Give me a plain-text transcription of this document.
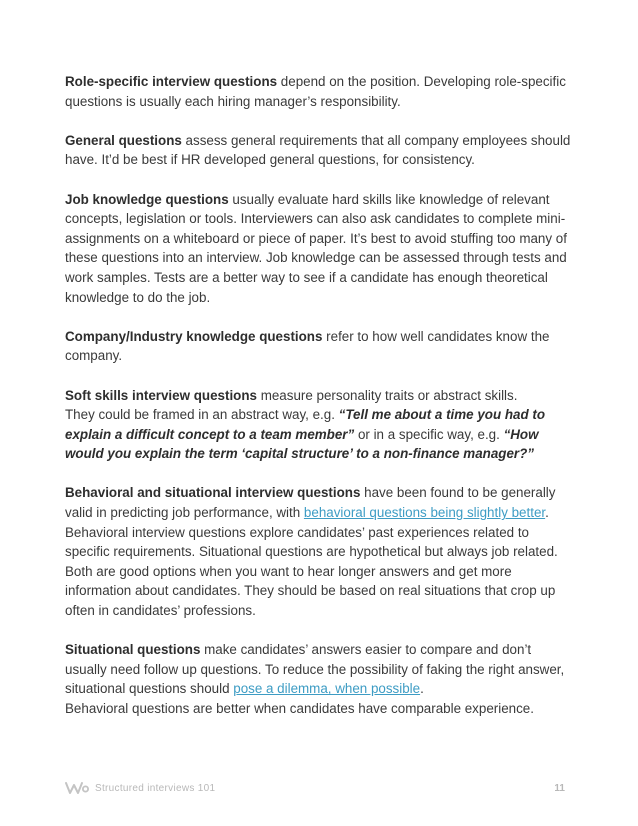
Role-specific interview questions depend on the position. Developing role-specific questions is usually each hiring manager’s responsibility.

General questions assess general requirements that all company employees should have. It’d be best if HR developed general questions, for consistency.

Job knowledge questions usually evaluate hard skills like knowledge of relevant concepts, legislation or tools. Interviewers can also ask candidates to complete mini-assignments on a whiteboard or piece of paper. It’s best to avoid stuffing too many of these questions into an interview. Job knowledge can be assessed through tests and work samples. Tests are a better way to see if a candidate has enough theoretical knowledge to do the job.

Company/Industry knowledge questions refer to how well candidates know the company.

Soft skills interview questions measure personality traits or abstract skills.
They could be framed in an abstract way, e.g. “Tell me about a time you had to explain a difficult concept to a team member” or in a specific way, e.g. “How would you explain the term ‘capital structure’ to a non-finance manager?”

Behavioral and situational interview questions have been found to be generally valid in predicting job performance, with behavioral questions being slightly better. Behavioral interview questions explore candidates’ past experiences related to specific requirements. Situational questions are hypothetical but always job related. Both are good options when you want to hear longer answers and get more information about candidates. They should be based on real situations that crop up often in candidates’ professions.

Situational questions make candidates’ answers easier to compare and don’t usually need follow up questions. To reduce the possibility of faking the right answer, situational questions should pose a dilemma, when possible.
Behavioral questions are better when candidates have comparable experience.

Structured interviews 101	11
